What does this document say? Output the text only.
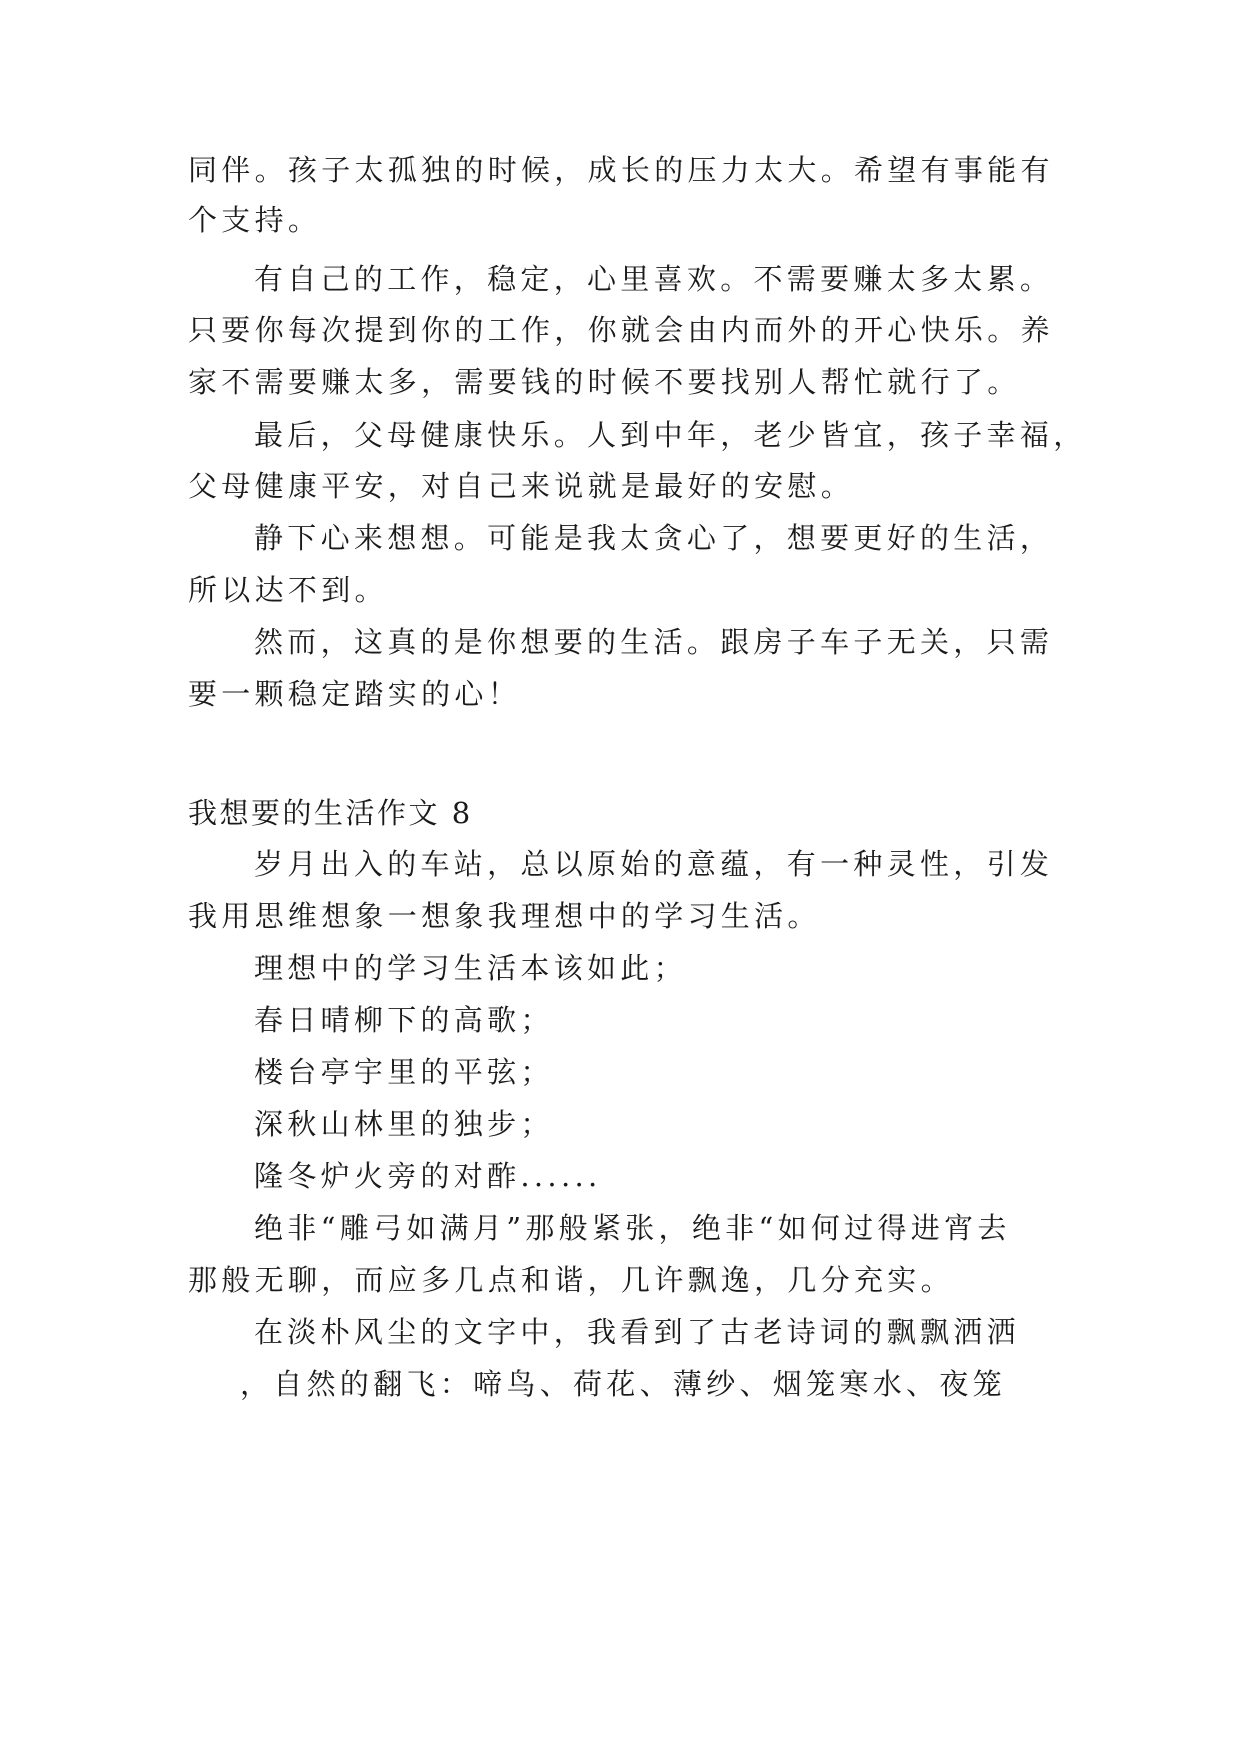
同伴。孩子太孤独的时候，成长的压力太大。希望有事能有
个支持。
有自己的工作，稳定，心里喜欢。不需要赚太多太累。
只要你每次提到你的工作，你就会由内而外的开心快乐。养
家不需要赚太多，需要钱的时候不要找别人帮忙就行了。
最后，父母健康快乐。人到中年，老少皆宜，孩子幸福，
父母健康平安，对自己来说就是最好的安慰。
静下心来想想。可能是我太贪心了，想要更好的生活，
所以达不到。
然而，这真的是你想要的生活。跟房子车子无关，只需
要一颗稳定踏实的心！
我想要的生活作文 8
岁月出入的车站，总以原始的意蕴，有一种灵性，引发
我用思维想象一想象我理想中的学习生活。
理想中的学习生活本该如此；
春日晴柳下的高歌；
楼台亭宇里的平弦；
深秋山林里的独步；
隆冬炉火旁的对酢......
绝非“雕弓如满月”那般紧张，绝非“如何过得进宵去
那般无聊，而应多几点和谐，几许飘逸，几分充实。
在淡朴风尘的文字中，我看到了古老诗词的飘飘洒洒
，自然的翻飞：啼鸟、荷花、薄纱、烟笼寒水、夜笼
